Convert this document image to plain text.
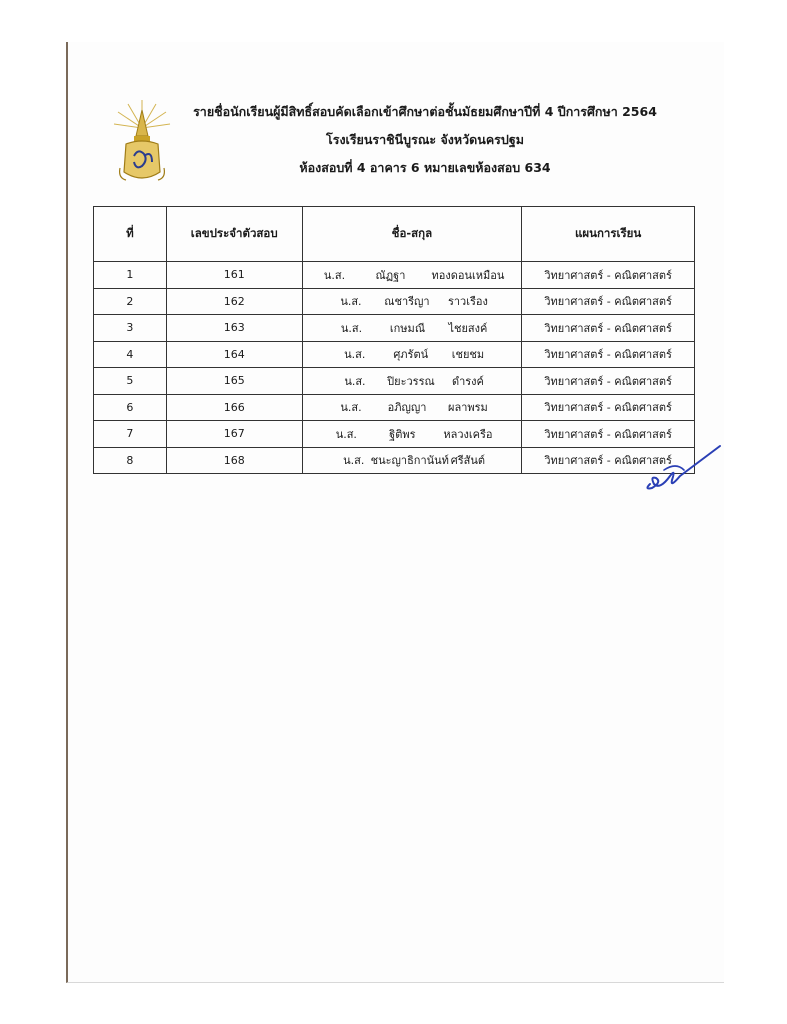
รายชื่อนักเรียนผู้มีสิทธิ์สอบคัดเลือกเข้าศึกษาต่อชั้นมัธยมศึกษาปีที่ 4 ปีการศึกษา 2564
โรงเรียนราชินีบูรณะ จังหวัดนครปฐม
ห้องสอบที่ 4 อาคาร 6 หมายเลขห้องสอบ 634
ที่	เลขประจำตัวสอบ	ชื่อ-สกุล	แผนการเรียน
1	161	น.ส. ณัฏฐา ทองดอนเหมือน	วิทยาศาสตร์ - คณิตศาสตร์
2	162	น.ส. ณชารีญา ราวเรือง	วิทยาศาสตร์ - คณิตศาสตร์
3	163	น.ส. เกษมณี ไชยสงค์	วิทยาศาสตร์ - คณิตศาสตร์
4	164	น.ส. ศุภรัตน์ เชยชม	วิทยาศาสตร์ - คณิตศาสตร์
5	165	น.ส. ปิยะวรรณ ดำรงค์	วิทยาศาสตร์ - คณิตศาสตร์
6	166	น.ส. อภิญญา ผลาพรม	วิทยาศาสตร์ - คณิตศาสตร์
7	167	น.ส. ฐิติพร หลวงเครือ	วิทยาศาสตร์ - คณิตศาสตร์
8	168	น.ส. ชนะญาธิกานันท์ ศรีสันต์	วิทยาศาสตร์ - คณิตศาสตร์
